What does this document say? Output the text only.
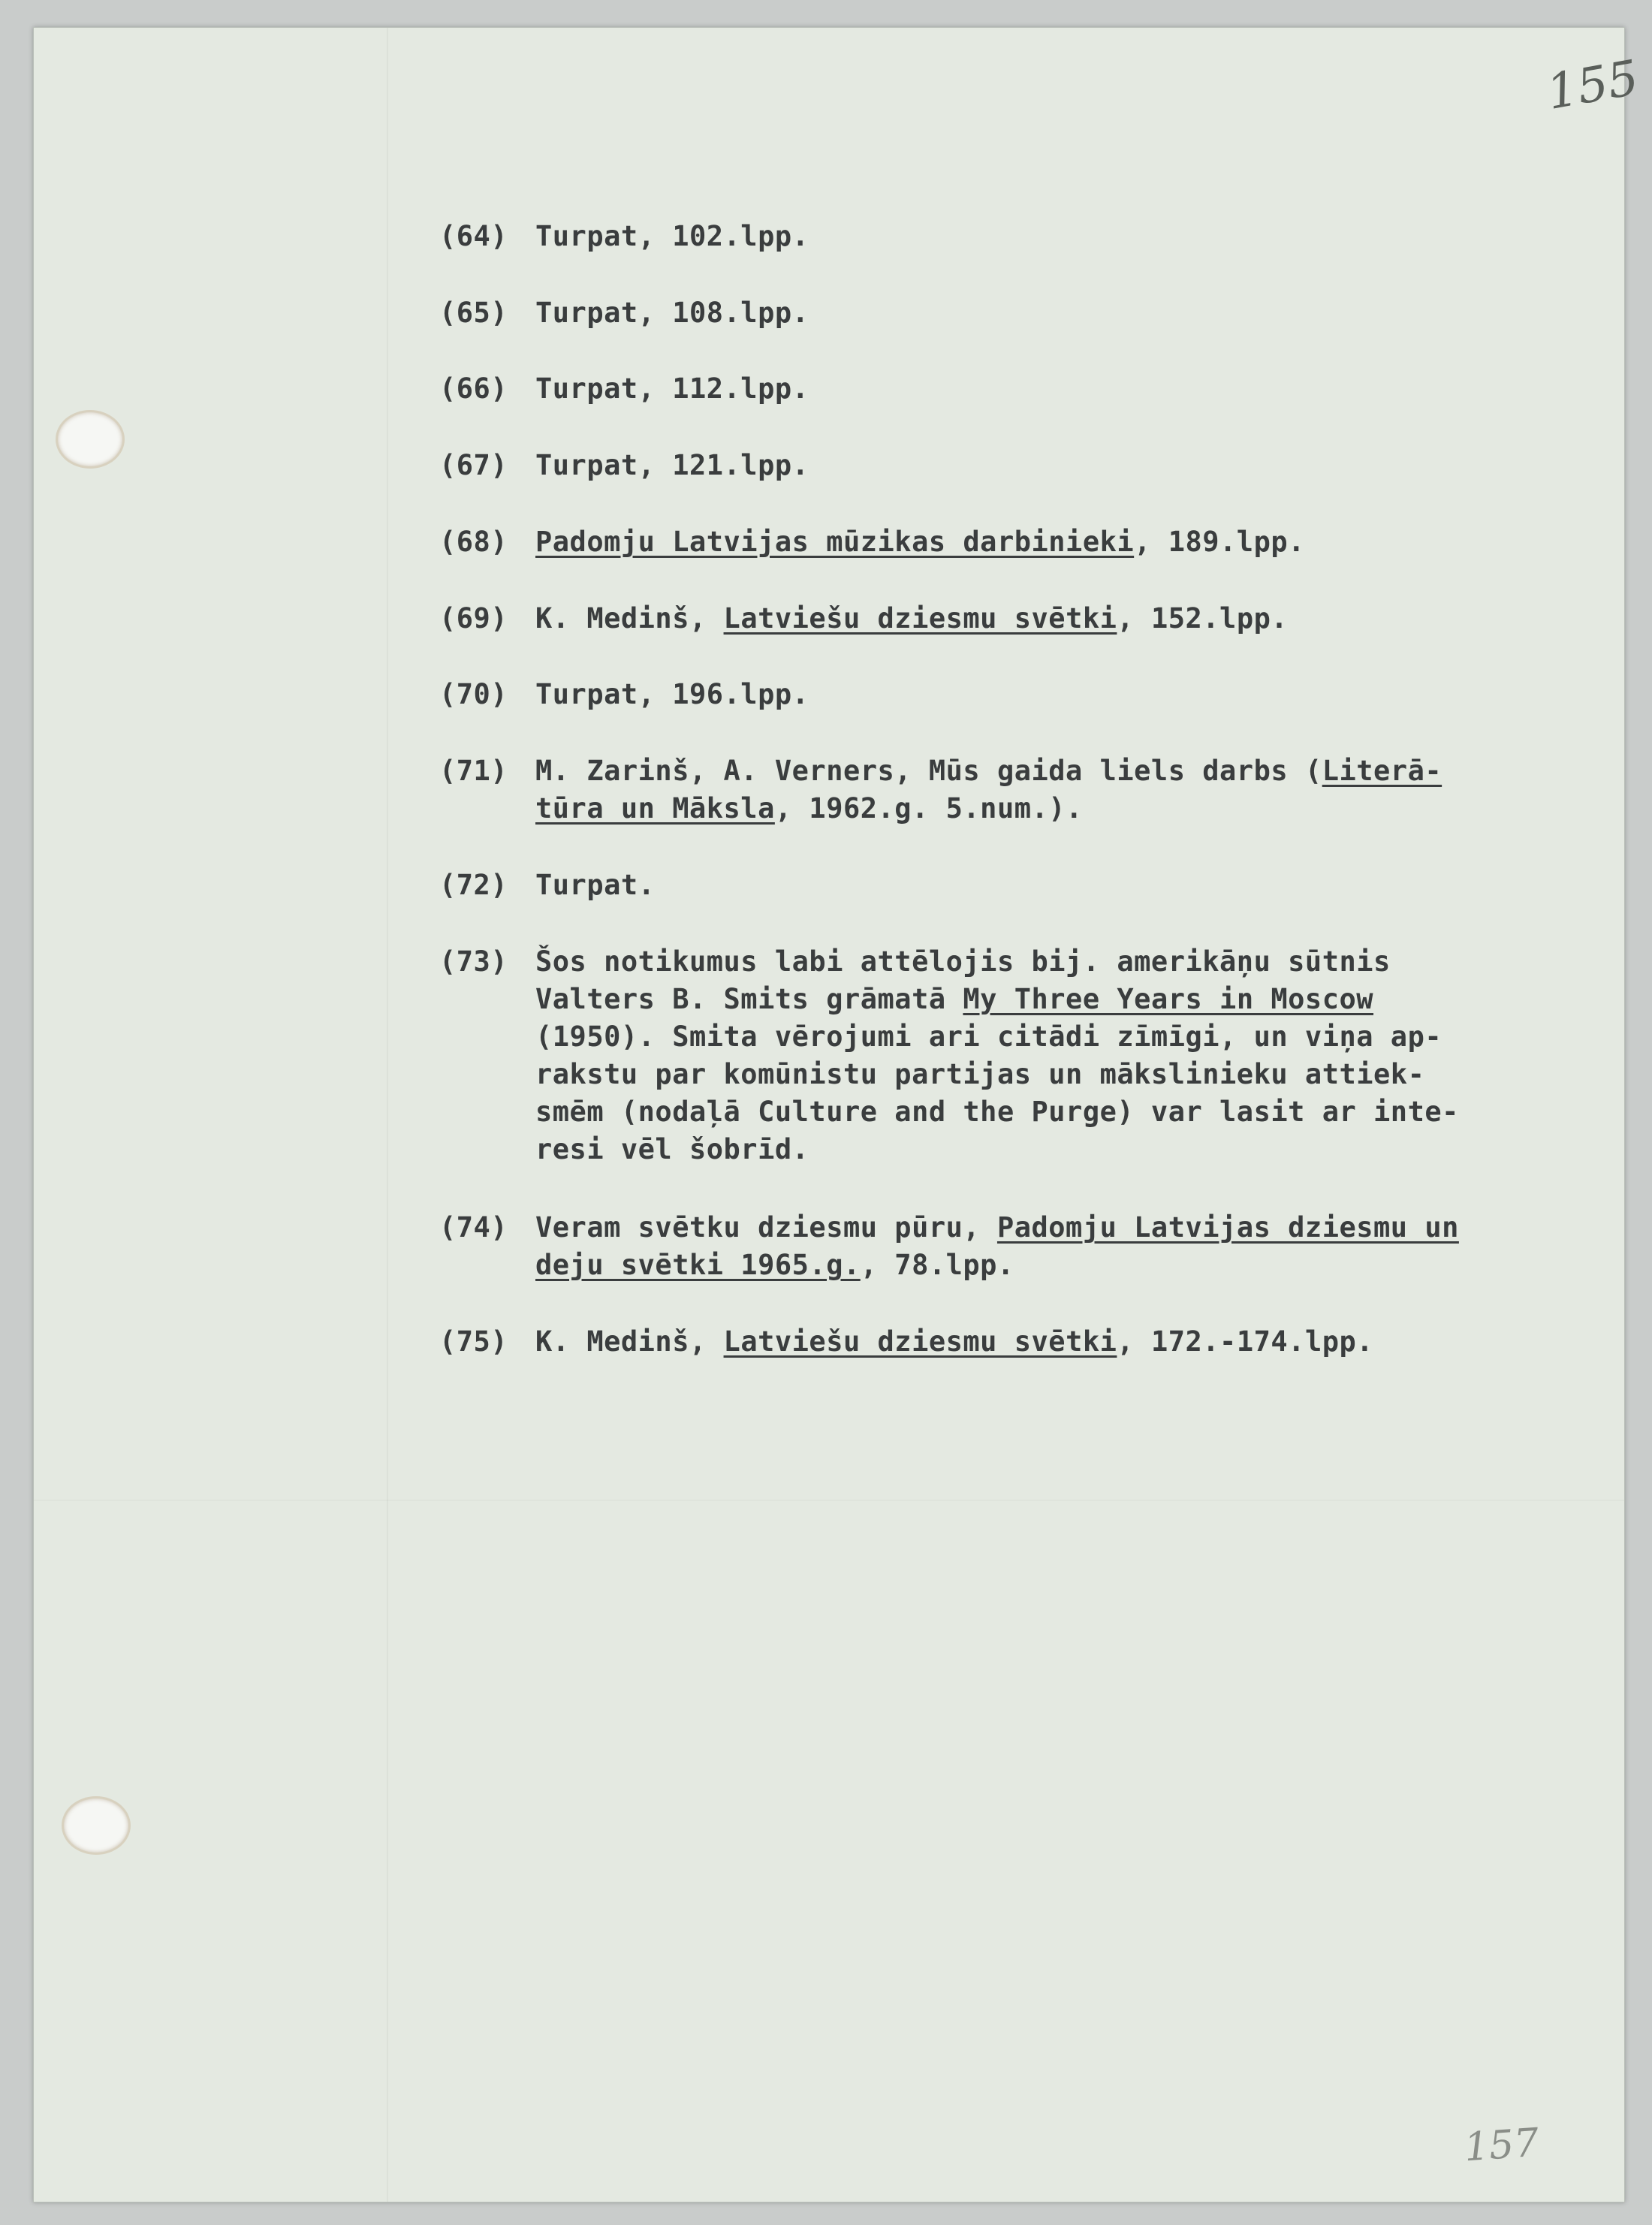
155
157
(64) Turpat, 102.lpp.
(65) Turpat, 108.lpp.
(66) Turpat, 112.lpp.
(67) Turpat, 121.lpp.
(68) Padomju Latvijas mūzikas darbinieki, 189.lpp.
(69) K. Medinš, Latviešu dziesmu svētki, 152.lpp.
(70) Turpat, 196.lpp.
(71) M. Zarinš, A. Verners, Mūs gaida liels darbs (Literā-
tūra un Māksla, 1962.g. 5.num.).
(72) Turpat.
(73) Šos notikumus labi attēlojis bij. amerikāņu sūtnis
Valters B. Smits grāmatā My Three Years in Moscow
(1950). Smita vērojumi ari citādi zīmīgi, un viņa ap-
rakstu par komūnistu partijas un mākslinieku attiek-
smēm (nodaļā Culture and the Purge) var lasit ar inte-
resi vēl šobrīd.
(74) Veram svētku dziesmu pūru, Padomju Latvijas dziesmu un
deju svētki 1965.g., 78.lpp.
(75) K. Medinš, Latviešu dziesmu svētki, 172.-174.lpp.
